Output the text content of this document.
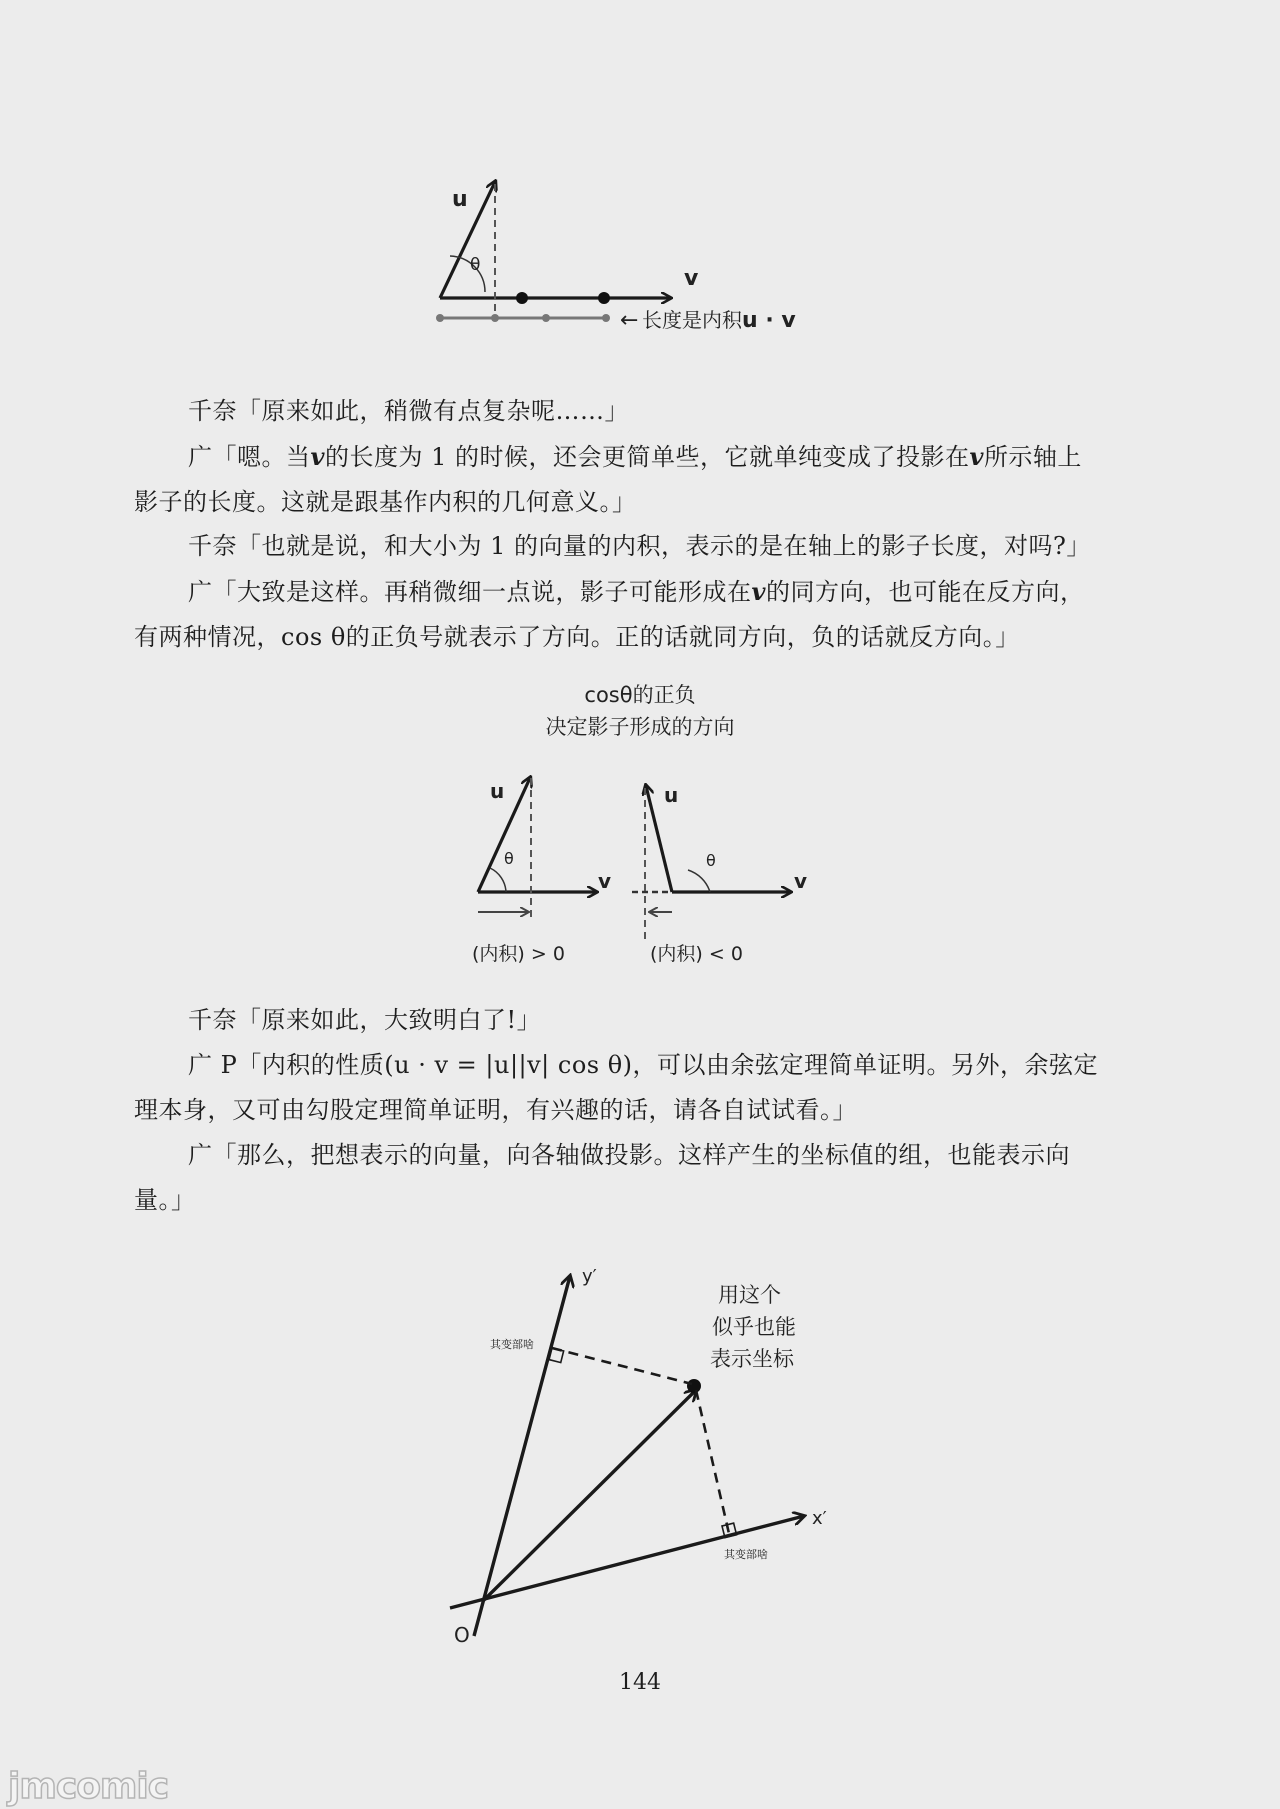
u
θ
v
← 长度是内积 u · v

千奈「原来如此，稍微有点复杂呢……」

广「嗯。当v的长度为 1 的时候，还会更简单些，它就单纯变成了投影在v所示轴上
影子的长度。这就是跟基作内积的几何意义。」

千奈「也就是说，和大小为 1 的向量的内积，表示的是在轴上的影子长度，对吗?」

广「大致是这样。再稍微细一点说，影子可能形成在v的同方向，也可能在反方向，
有两种情况，cos θ的正负号就表示了方向。正的话就同方向，负的话就反方向。」

cosθ的正负
决定影子形成的方向
u
θ
v
(内积) > 0
u
θ
v
(内积) < 0

千奈「原来如此，大致明白了!」

广 P「内积的性质(u · v = |u||v| cos θ)，可以由余弦定理简单证明。另外，余弦定
理本身，又可由勾股定理简单证明，有兴趣的话，请各自试试看。」

广「那么，把想表示的向量，向各轴做投影。这样产生的坐标值的组，也能表示向
量。」

y′
x′
O
其变部啥
其变部啥
用这个
似乎也能
表示坐标
144
jmcomic
